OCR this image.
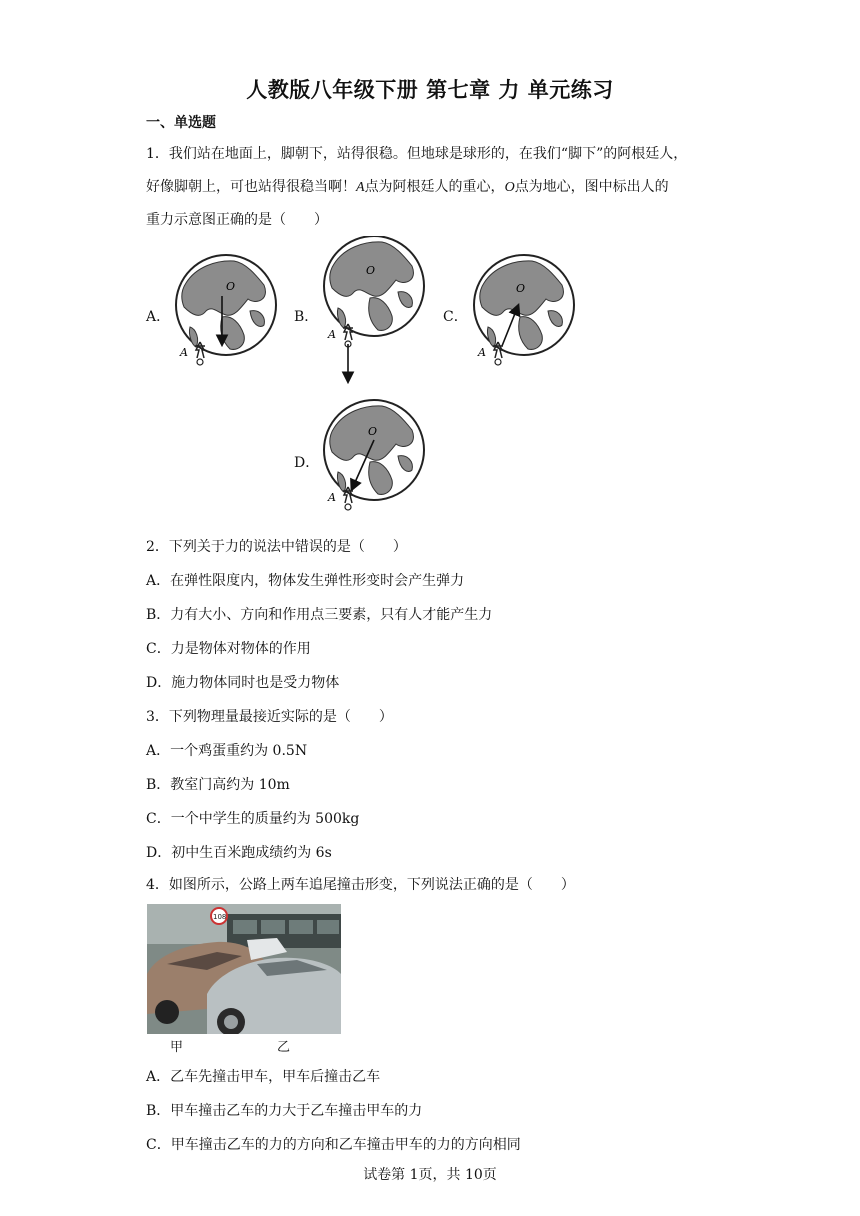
人教版八年级下册 第七章 力 单元练习
一、单选题
1．我们站在地面上，脚朝下，站得很稳。但地球是球形的，在我们“脚下”的阿根廷人，
好像脚朝上，可也站得很稳当啊！A点为阿根廷人的重心，O点为地心，图中标出人的
重力示意图正确的是（　　）
A．
O
A
B．
O
A
C．
O
A
D．
O
A
2．下列关于力的说法中错误的是（　　）
A．在弹性限度内，物体发生弹性形变时会产生弹力
B．力有大小、方向和作用点三要素，只有人才能产生力
C．力是物体对物体的作用
D．施力物体同时也是受力物体
3．下列物理量最接近实际的是（　　）
A．一个鸡蛋重约为 0.5N
B．教室门高约为 10m
C．一个中学生的质量约为 500kg
D．初中生百米跑成绩约为 6s
4．如图所示，公路上两车追尾撞击形变，下列说法正确的是（　　）
108
甲	乙
A．乙车先撞击甲车，甲车后撞击乙车
B．甲车撞击乙车的力大于乙车撞击甲车的力
C．甲车撞击乙车的力的方向和乙车撞击甲车的力的方向相同
试卷第 1页，共 10页
